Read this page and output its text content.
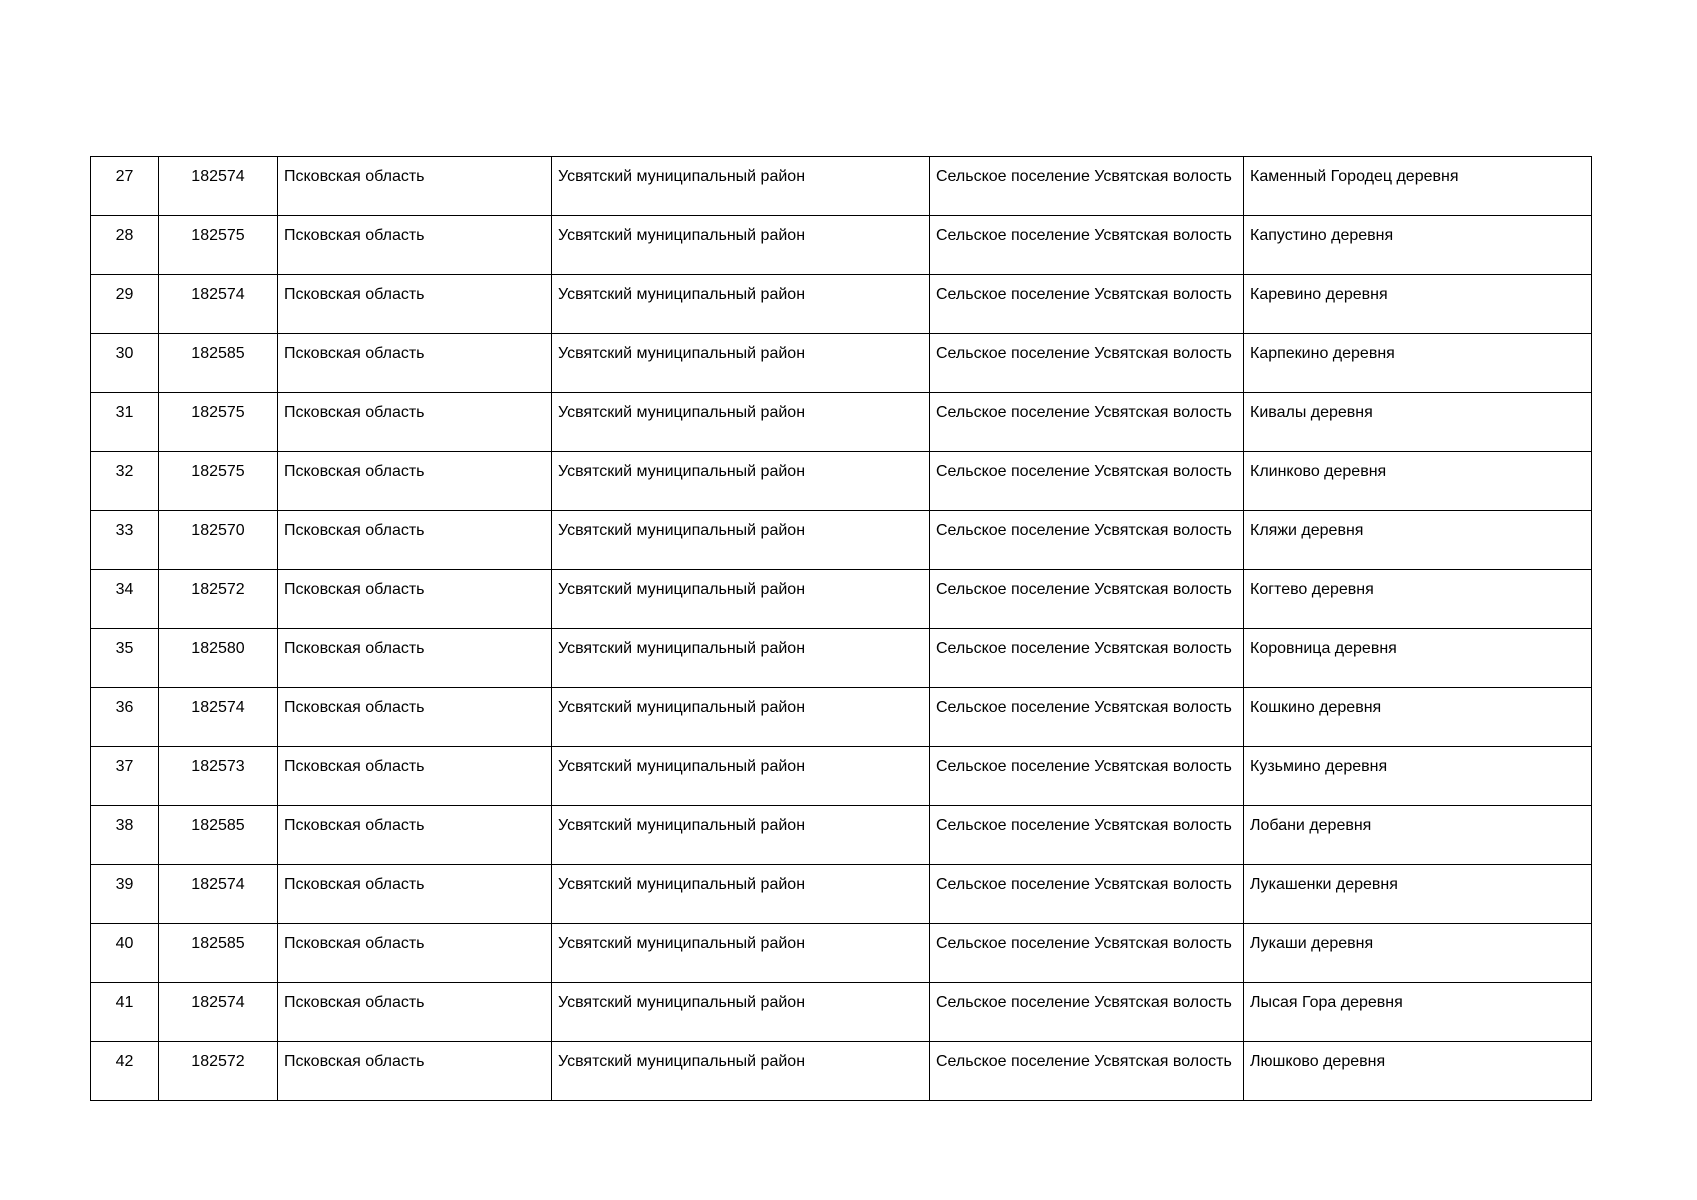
27	182574	Псковская область	Усвятский муниципальный район	Сельское поселение Усвятская волость	Каменный Городец деревня
28	182575	Псковская область	Усвятский муниципальный район	Сельское поселение Усвятская волость	Капустино деревня
29	182574	Псковская область	Усвятский муниципальный район	Сельское поселение Усвятская волость	Каревино деревня
30	182585	Псковская область	Усвятский муниципальный район	Сельское поселение Усвятская волость	Карпекино деревня
31	182575	Псковская область	Усвятский муниципальный район	Сельское поселение Усвятская волость	Кивалы деревня
32	182575	Псковская область	Усвятский муниципальный район	Сельское поселение Усвятская волость	Клинково деревня
33	182570	Псковская область	Усвятский муниципальный район	Сельское поселение Усвятская волость	Кляжи деревня
34	182572	Псковская область	Усвятский муниципальный район	Сельское поселение Усвятская волость	Когтево деревня
35	182580	Псковская область	Усвятский муниципальный район	Сельское поселение Усвятская волость	Коровница деревня
36	182574	Псковская область	Усвятский муниципальный район	Сельское поселение Усвятская волость	Кошкино деревня
37	182573	Псковская область	Усвятский муниципальный район	Сельское поселение Усвятская волость	Кузьмино деревня
38	182585	Псковская область	Усвятский муниципальный район	Сельское поселение Усвятская волость	Лобани деревня
39	182574	Псковская область	Усвятский муниципальный район	Сельское поселение Усвятская волость	Лукашенки деревня
40	182585	Псковская область	Усвятский муниципальный район	Сельское поселение Усвятская волость	Лукаши деревня
41	182574	Псковская область	Усвятский муниципальный район	Сельское поселение Усвятская волость	Лысая Гора деревня
42	182572	Псковская область	Усвятский муниципальный район	Сельское поселение Усвятская волость	Люшково деревня
